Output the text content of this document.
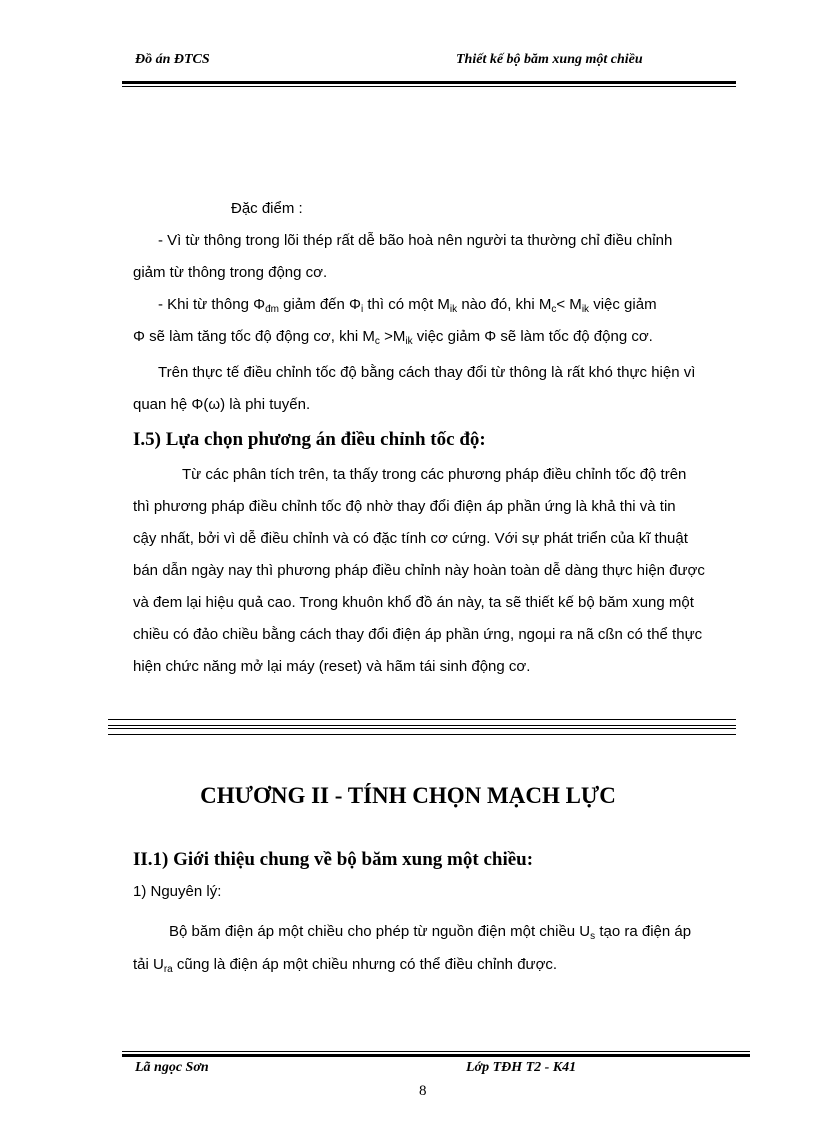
Đồ án ĐTCS	Thiết kế bộ băm xung một chiều
Đặc điểm :
- Vì từ thông trong lõi thép rất dễ bão hoà nên người ta thường chỉ điều chỉnh
giảm từ thông trong động cơ.
- Khi từ thông $\Phi_{đm}$ giảm đến $\Phi_i$ thì có một $M_{ik}$ nào đó, khi $M_c< M_{ik}$ việc giảm
Φ sẽ làm tăng tốc độ động cơ, khi $M_c >M_{ik}$ việc giảm Φ sẽ làm tốc độ động cơ.
Trên thực tế điều chỉnh tốc độ bằng cách thay đổi từ thông là rất khó thực hiện vì
quan hệ Φ(ω) là phi tuyến.
I.5) Lựa chọn phương án điều chỉnh tốc độ:
Từ các phân tích trên, ta thấy trong các phương pháp điều chỉnh tốc độ trên
thì phương pháp điều chỉnh tốc độ nhờ thay đổi điện áp phần ứng là khả thi và tin
cậy nhất, bởi vì dễ điều chỉnh và có đặc tính cơ cứng. Với sự phát triển của kĩ thuật
bán dẫn ngày nay thì phương pháp điều chỉnh này hoàn toàn dễ dàng thực hiện được
và đem lại hiệu quả cao. Trong khuôn khổ đồ án này, ta sẽ thiết kế bộ băm xung một
chiều có đảo chiều bằng cách thay đổi điện áp phần ứng, ngoµi ra nã cßn có thể thực
hiện chức năng mở lại máy (reset) và hãm tái sinh động cơ.
CHƯƠNG II - TÍNH CHỌN MẠCH LỰC
II.1) Giới thiệu chung về bộ băm xung một chiều:
1) Nguyên lý:
Bộ băm điện áp một chiều cho phép từ nguồn điện một chiều $U_s$ tạo ra điện áp
tải $U_{ra}$ cũng là điện áp một chiều nhưng có thể điều chỉnh được.
Lã ngọc Sơn	Lớp TĐH T2 - K41
8
